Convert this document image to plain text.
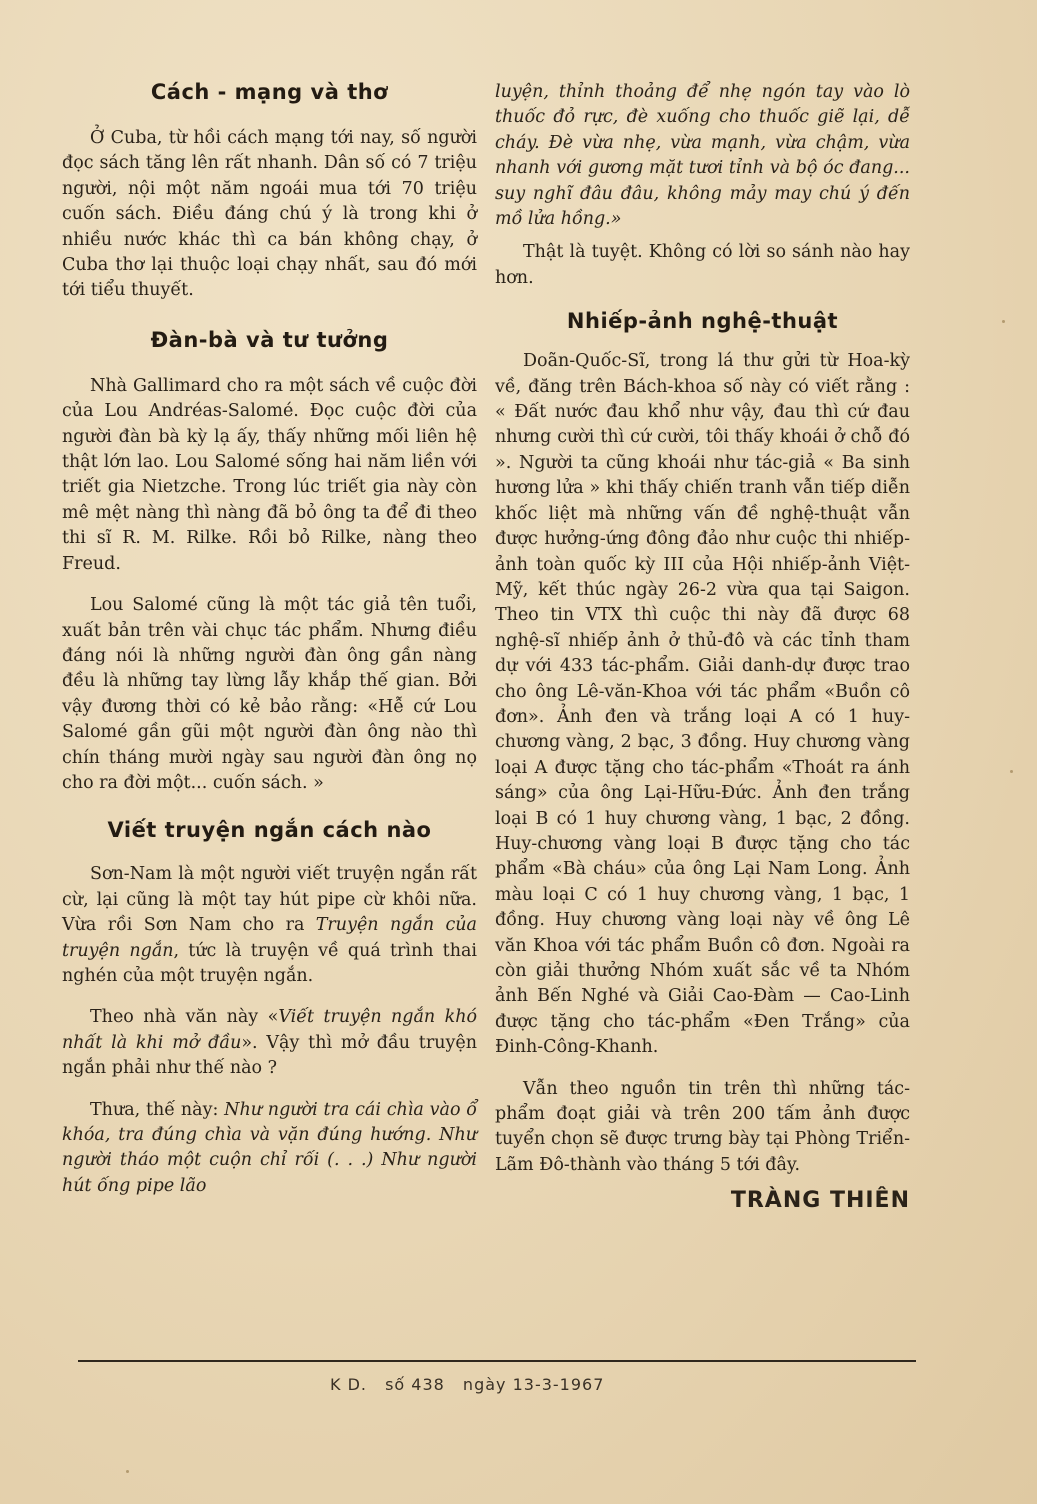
Cách - mạng và thơ

Ở Cuba, từ hồi cách mạng tới nay, số người đọc sách tăng lên rất nhanh. Dân số có 7 triệu người, nội một năm ngoái mua tới 70 triệu cuốn sách. Điều đáng chú ý là trong khi ở nhiều nước khác thì ca bán không chạy, ở Cuba thơ lại thuộc loại chạy nhất, sau đó mới tới tiểu thuyết.

Đàn-bà và tư tưởng

Nhà Gallimard cho ra một sách về cuộc đời của Lou Andréas-Salomé. Đọc cuộc đời của người đàn bà kỳ lạ ấy, thấy những mối liên hệ thật lớn lao. Lou Salomé sống hai năm liền với triết gia Nietzche. Trong lúc triết gia này còn mê mệt nàng thì nàng đã bỏ ông ta để đi theo thi sĩ R. M. Rilke. Rồi bỏ Rilke, nàng theo Freud.

Lou Salomé cũng là một tác giả tên tuổi, xuất bản trên vài chục tác phẩm. Nhưng điều đáng nói là những người đàn ông gần nàng đều là những tay lừng lẫy khắp thế gian. Bởi vậy đương thời có kẻ bảo rằng: «Hễ cứ Lou Salomé gần gũi một người đàn ông nào thì chín tháng mười ngày sau người đàn ông nọ cho ra đời một... cuốn sách. »

Viết truyện ngắn cách nào

Sơn-Nam là một người viết truyện ngắn rất cừ, lại cũng là một tay hút pipe cừ khôi nữa. Vừa rồi Sơn Nam cho ra Truyện ngắn của truyện ngắn, tức là truyện về quá trình thai nghén của một truyện ngắn.

Theo nhà văn này «Viết truyện ngắn khó nhất là khi mở đầu». Vậy thì mở đầu truyện ngắn phải như thế nào ?

Thưa, thế này: Như người tra cái chìa vào ổ khóa, tra đúng chìa và vặn đúng hướng. Như người tháo một cuộn chỉ rối (. . .) Như người hút ống pipe lão

luyện, thỉnh thoảng để nhẹ ngón tay vào lò thuốc đỏ rực, đè xuống cho thuốc giẽ lại, dễ cháy. Đè vừa nhẹ, vừa mạnh, vừa chậm, vừa nhanh với gương mặt tươi tỉnh và bộ óc đang... suy nghĩ đâu đâu, không mảy may chú ý đến mồ lửa hồng.»

Thật là tuyệt. Không có lời so sánh nào hay hơn.

Nhiếp-ảnh nghệ-thuật

Doãn-Quốc-Sĩ, trong lá thư gửi từ Hoa-kỳ về, đăng trên Bách-khoa số này có viết rằng : « Đất nước đau khổ như vậy, đau thì cứ đau nhưng cười thì cứ cười, tôi thấy khoái ở chỗ đó ». Người ta cũng khoái như tác-giả « Ba sinh hương lửa » khi thấy chiến tranh vẫn tiếp diễn khốc liệt mà những vấn đề nghệ-thuật vẫn được hưởng-ứng đông đảo như cuộc thi nhiếp-ảnh toàn quốc kỳ III của Hội nhiếp-ảnh Việt-Mỹ, kết thúc ngày 26-2 vừa qua tại Saigon. Theo tin VTX thì cuộc thi này đã được 68 nghệ-sĩ nhiếp ảnh ở thủ-đô và các tỉnh tham dự với 433 tác-phẩm. Giải danh-dự được trao cho ông Lê-văn-Khoa với tác phẩm «Buồn cô đơn». Ảnh đen và trắng loại A có 1 huy-chương vàng, 2 bạc, 3 đồng. Huy chương vàng loại A được tặng cho tác-phẩm «Thoát ra ánh sáng» của ông Lại-Hữu-Đức. Ảnh đen trắng loại B có 1 huy chương vàng, 1 bạc, 2 đồng. Huy-chương vàng loại B được tặng cho tác phẩm «Bà cháu» của ông Lại Nam Long. Ảnh màu loại C có 1 huy chương vàng, 1 bạc, 1 đồng. Huy chương vàng loại này về ông Lê văn Khoa với tác phẩm Buồn cô đơn. Ngoài ra còn giải thưởng Nhóm xuất sắc về ta Nhóm ảnh Bến Nghé và Giải Cao-Đàm — Cao-Linh được tặng cho tác-phẩm «Đen Trắng» của Đinh-Công-Khanh.

Vẫn theo nguồn tin trên thì những tác-phẩm đoạt giải và trên 200 tấm ảnh được tuyển chọn sẽ được trưng bày tại Phòng Triển-Lãm Đô-thành vào tháng 5 tới đây.

TRÀNG THIÊN

K D. số 438 ngày 13-3-1967
